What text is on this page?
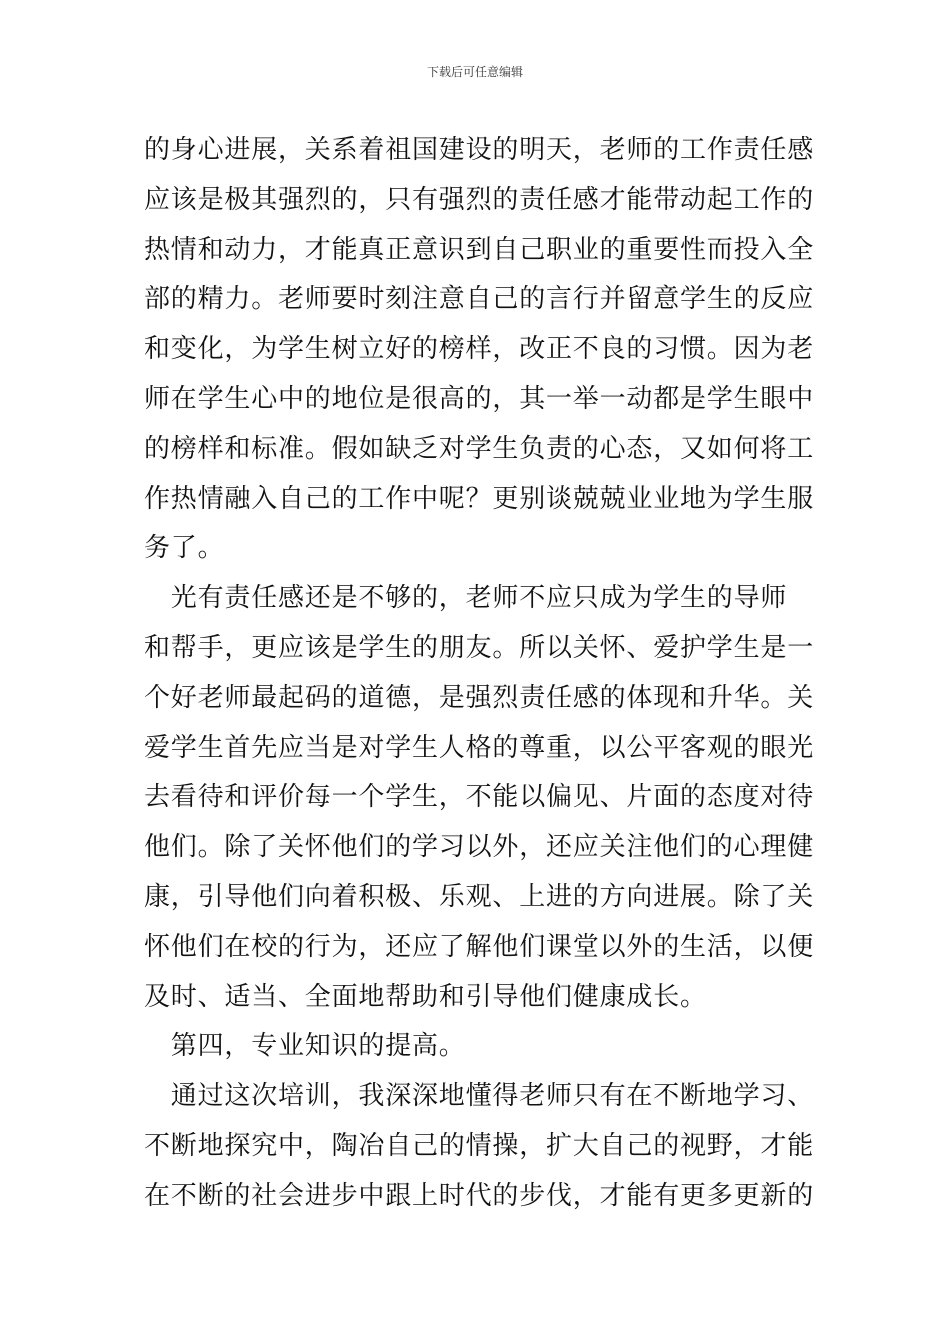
下载后可任意编辑
的身心进展，关系着祖国建设的明天，老师的工作责任感
应该是极其强烈的，只有强烈的责任感才能带动起工作的
热情和动力，才能真正意识到自己职业的重要性而投入全
部的精力。老师要时刻注意自己的言行并留意学生的反应
和变化，为学生树立好的榜样，改正不良的习惯。因为老
师在学生心中的地位是很高的，其一举一动都是学生眼中
的榜样和标准。假如缺乏对学生负责的心态，又如何将工
作热情融入自己的工作中呢？更别谈兢兢业业地为学生服
务了。
　光有责任感还是不够的，老师不应只成为学生的导师
和帮手，更应该是学生的朋友。所以关怀、爱护学生是一
个好老师最起码的道德，是强烈责任感的体现和升华。关
爱学生首先应当是对学生人格的尊重，以公平客观的眼光
去看待和评价每一个学生，不能以偏见、片面的态度对待
他们。除了关怀他们的学习以外，还应关注他们的心理健
康，引导他们向着积极、乐观、上进的方向进展。除了关
怀他们在校的行为，还应了解他们课堂以外的生活，以便
及时、适当、全面地帮助和引导他们健康成长。
　第四，专业知识的提高。
　通过这次培训，我深深地懂得老师只有在不断地学习、
不断地探究中，陶冶自己的情操，扩大自己的视野，才能
在不断的社会进步中跟上时代的步伐，才能有更多更新的
